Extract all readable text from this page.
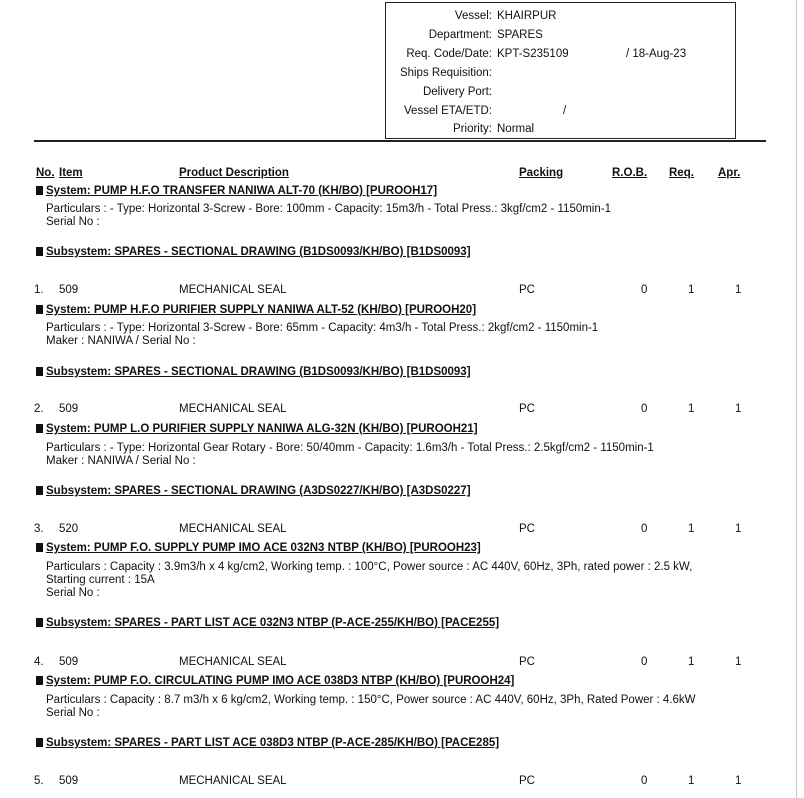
Vessel: KHAIRPUR
Department: SPARES
Req. Code/Date: KPT-S235109	/ 18-Aug-23
Ships Requisition:
Delivery Port:
Vessel ETA/ETD:	/
Priority: Normal
No. Item	Product Description	Packing	R.O.B. Req. Apr.
System: PUMP H.F.O TRANSFER NANIWA ALT-70 (KH/BO) [PUROOH17]
Particulars : - Type: Horizontal 3-Screw - Bore: 100mm - Capacity: 15m3/h - Total Press.: 3kgf/cm2 - 1150min-1
Serial No :
Subsystem: SPARES - SECTIONAL DRAWING (B1DS0093/KH/BO) [B1DS0093]
1. 509	MECHANICAL SEAL	PC	0	1	1
System: PUMP H.F.O PURIFIER SUPPLY NANIWA ALT-52 (KH/BO) [PUROOH20]
Particulars : - Type: Horizontal 3-Screw - Bore: 65mm - Capacity: 4m3/h - Total Press.: 2kgf/cm2 - 1150min-1
Maker : NANIWA / Serial No :
Subsystem: SPARES - SECTIONAL DRAWING (B1DS0093/KH/BO) [B1DS0093]
2. 509	MECHANICAL SEAL	PC	0	1	1
System: PUMP L.O PURIFIER SUPPLY NANIWA ALG-32N (KH/BO) [PUROOH21]
Particulars : - Type: Horizontal Gear Rotary - Bore: 50/40mm - Capacity: 1.6m3/h - Total Press.: 2.5kgf/cm2 - 1150min-1
Maker : NANIWA / Serial No :
Subsystem: SPARES - SECTIONAL DRAWING (A3DS0227/KH/BO) [A3DS0227]
3. 520	MECHANICAL SEAL	PC	0	1	1
System: PUMP F.O. SUPPLY PUMP IMO ACE 032N3 NTBP (KH/BO) [PUROOH23]
Particulars : Capacity : 3.9m3/h x 4 kg/cm2, Working temp. : 100°C, Power source : AC 440V, 60Hz, 3Ph, rated power : 2.5 kW,
Starting current : 15A
Serial No :
Subsystem: SPARES - PART LIST ACE 032N3 NTBP (P-ACE-255/KH/BO) [PACE255]
4. 509	MECHANICAL SEAL	PC	0	1	1
System: PUMP F.O. CIRCULATING PUMP IMO ACE 038D3 NTBP (KH/BO) [PUROOH24]
Particulars : Capacity : 8.7 m3/h x 6 kg/cm2, Working temp. : 150°C, Power source : AC 440V, 60Hz, 3Ph, Rated Power : 4.6kW
Serial No :
Subsystem: SPARES - PART LIST ACE 038D3 NTBP (P-ACE-285/KH/BO) [PACE285]
5. 509	MECHANICAL SEAL	PC	0	1	1
